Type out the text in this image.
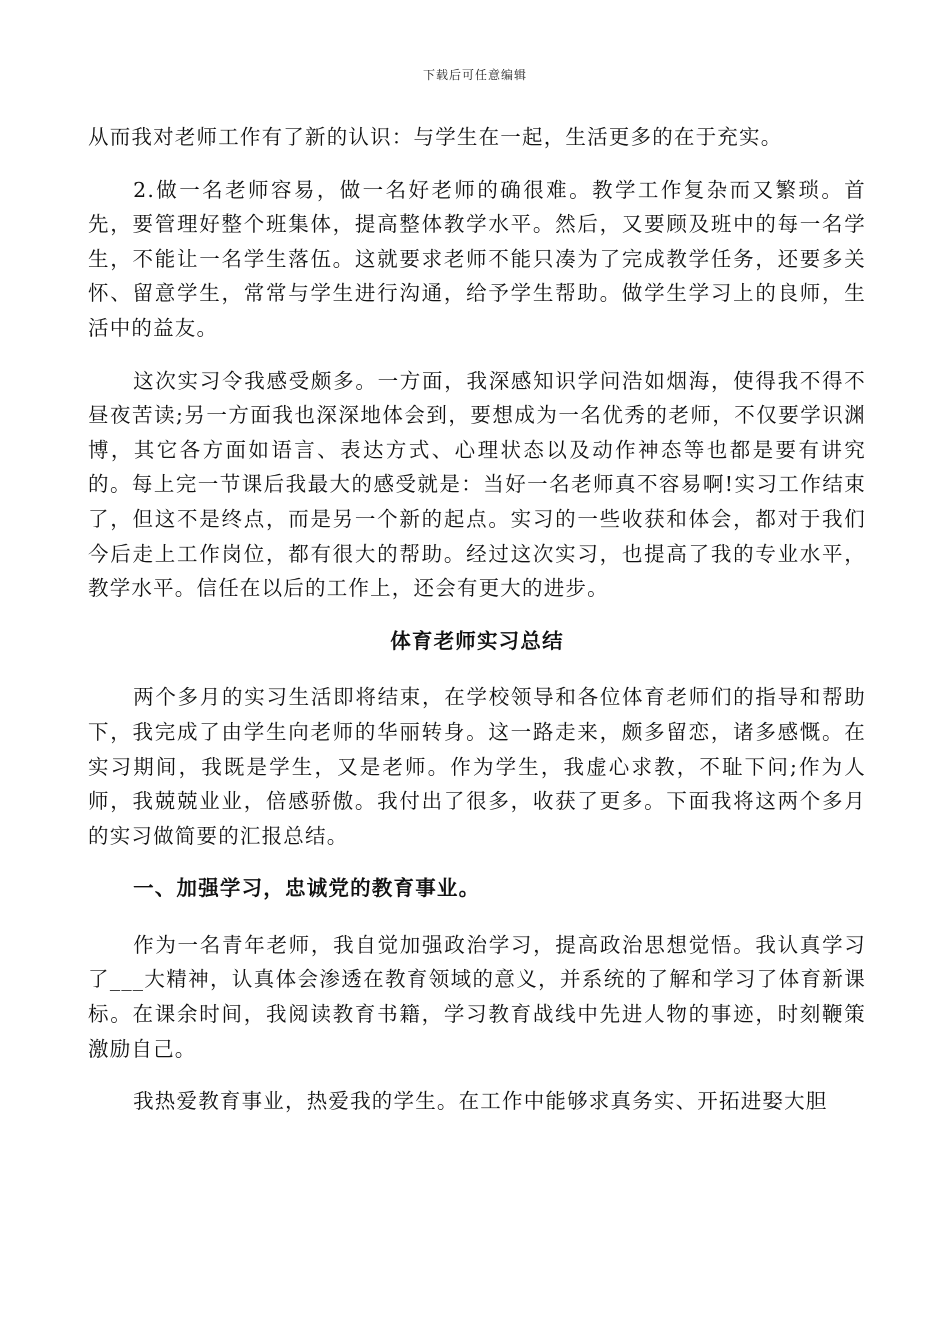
下载后可任意编辑

从而我对老师工作有了新的认识：与学生在一起，生活更多的在于充实。

2.做一名老师容易，做一名好老师的确很难。教学工作复杂而又繁琐。首先，要管理好整个班集体，提高整体教学水平。然后，又要顾及班中的每一名学生，不能让一名学生落伍。这就要求老师不能只凑为了完成教学任务，还要多关怀、留意学生，常常与学生进行沟通，给予学生帮助。做学生学习上的良师，生活中的益友。

这次实习令我感受颇多。一方面，我深感知识学问浩如烟海，使得我不得不昼夜苦读;另一方面我也深深地体会到，要想成为一名优秀的老师，不仅要学识渊博，其它各方面如语言、表达方式、心理状态以及动作神态等也都是要有讲究的。每上完一节课后我最大的感受就是：当好一名老师真不容易啊!实习工作结束了，但这不是终点，而是另一个新的起点。实习的一些收获和体会，都对于我们今后走上工作岗位，都有很大的帮助。经过这次实习，也提高了我的专业水平，教学水平。信任在以后的工作上，还会有更大的进步。

体育老师实习总结

两个多月的实习生活即将结束，在学校领导和各位体育老师们的指导和帮助下，我完成了由学生向老师的华丽转身。这一路走来，颇多留恋，诸多感慨。在实习期间，我既是学生，又是老师。作为学生，我虚心求教，不耻下问;作为人师，我兢兢业业，倍感骄傲。我付出了很多，收获了更多。下面我将这两个多月的实习做简要的汇报总结。

一、加强学习，忠诚党的教育事业。

作为一名青年老师，我自觉加强政治学习，提高政治思想觉悟。我认真学习了___大精神，认真体会渗透在教育领域的意义，并系统的了解和学习了体育新课标。在课余时间，我阅读教育书籍，学习教育战线中先进人物的事迹，时刻鞭策激励自己。

我热爱教育事业，热爱我的学生。在工作中能够求真务实、开拓进娶大胆
